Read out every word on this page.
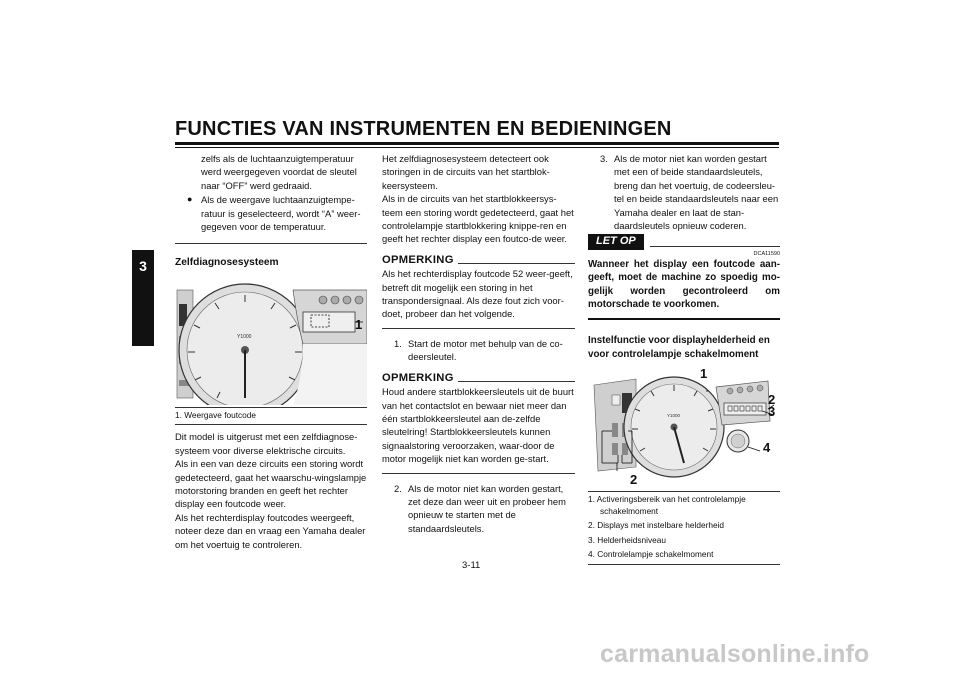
FUNCTIES VAN INSTRUMENTEN EN BEDIENINGEN
3

zelfs als de luchtaanzuigtemperatuur werd weergegeven voordat de sleutel naar “OFF” werd gedraaid.

● Als de weergave luchtaanzuigtempe-ratuur is geselecteerd, wordt “A” weer-gegeven voor de temperatuur.

Zelfdiagnosesysteem

Y1000
1

1. Weergave foutcode

Dit model is uitgerust met een zelfdiagnose-systeem voor diverse elektrische circuits.

Als in een van deze circuits een storing wordt gedetecteerd, gaat het waarschu-wingslampje motorstoring branden en geeft het rechter display een foutcode weer.

Als het rechterdisplay foutcodes weergeeft, noteer deze dan en vraag een Yamaha dealer om het voertuig te controleren.

Het zelfdiagnosesysteem detecteert ook storingen in de circuits van het startblok-keersysteem.

Als in de circuits van het startblokkeersys-teem een storing wordt gedetecteerd, gaat het controlelampje startblokkering knippe-ren en geeft het rechter display een foutco-de weer.

OPMERKING

Als het rechterdisplay foutcode 52 weer-geeft, betreft dit mogelijk een storing in het transpondersignaal. Als deze fout zich voor-doet, probeer dan het volgende.

1. Start de motor met behulp van de co-deersleutel.

OPMERKING

Houd andere startblokkeersleutels uit de buurt van het contactslot en bewaar niet meer dan één startblokkeersleutel aan de-zelfde sleutelring! Startblokkeersleutels kunnen signaalstoring veroorzaken, waar-door de motor mogelijk niet kan worden ge-start.

2. Als de motor niet kan worden gestart, zet deze dan weer uit en probeer hem opnieuw te starten met de standaardsleutels.

3. Als de motor niet kan worden gestart met een of beide standaardsleutels, breng dan het voertuig, de codeersleu-tel en beide standaardsleutels naar een Yamaha dealer en laat de stan-daardsleutels opnieuw coderen.

LET OP
DCA11590

Wanneer het display een foutcode aan-geeft, moet de machine zo spoedig mo-gelijk worden gecontroleerd om motorschade te voorkomen.

Instelfunctie voor displayhelderheid en voor controlelampje schakelmoment

Y1000
1
2
3
4
2

1. Activeringsbereik van het controlelampje schakelmoment

2. Displays met instelbare helderheid

3. Helderheidsniveau

4. Controlelampje schakelmoment

3-11
carmanualsonline.info
